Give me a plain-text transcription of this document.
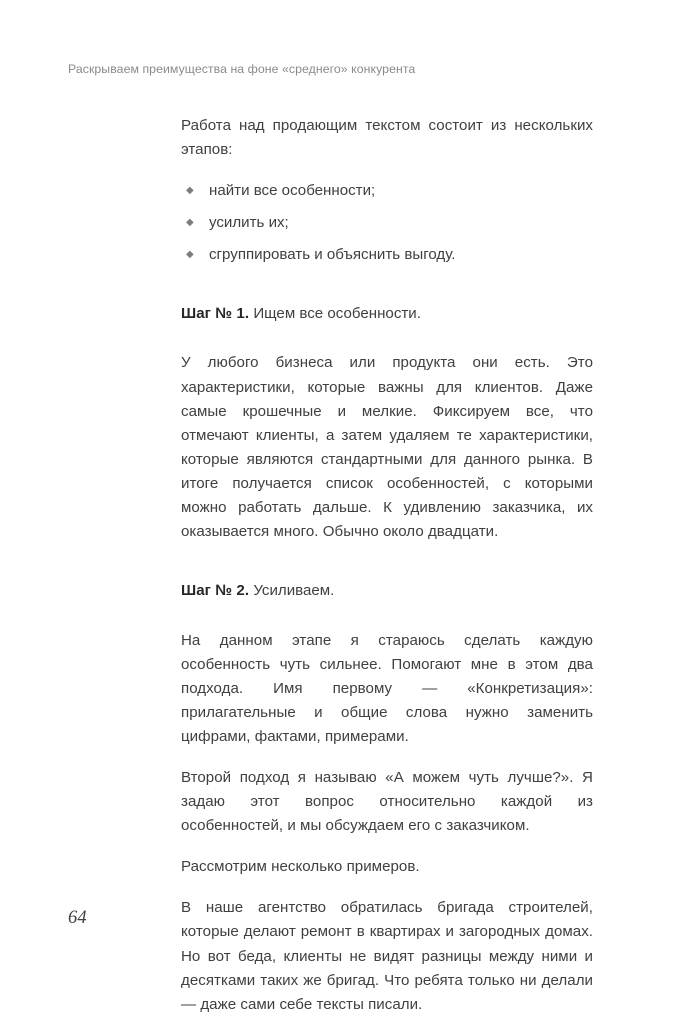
Раскрываем преимущества на фоне «среднего» конкурента

Работа над продающим текстом состоит из нескольких этапов:

◆ найти все особенности;
◆ усилить их;
◆ сгруппировать и объяснить выгоду.

Шаг № 1. Ищем все особенности.

У любого бизнеса или продукта они есть. Это характеристики, которые важны для клиентов. Даже самые крошечные и мелкие. Фиксируем все, что отмечают клиенты, а затем удаляем те характеристики, которые являются стандартными для данного рынка. В итоге получается список особенностей, с которыми можно работать дальше. К удивлению заказчика, их оказывается много. Обычно около двадцати.

Шаг № 2. Усиливаем.

На данном этапе я стараюсь сделать каждую особенность чуть сильнее. Помогают мне в этом два подхода. Имя первому — «Конкретизация»: прилагательные и общие слова нужно заменить цифрами, фактами, примерами.

Второй подход я называю «А можем чуть лучше?». Я задаю этот вопрос относительно каждой из особенностей, и мы обсуждаем его с заказчиком.

Рассмотрим несколько примеров.

В наше агентство обратилась бригада строителей, которые делают ремонт в квартирах и загородных домах. Но вот беда, клиенты не видят разницы между ними и десятками таких же бригад. Что ребята только ни делали — даже сами себе тексты писали.

64
